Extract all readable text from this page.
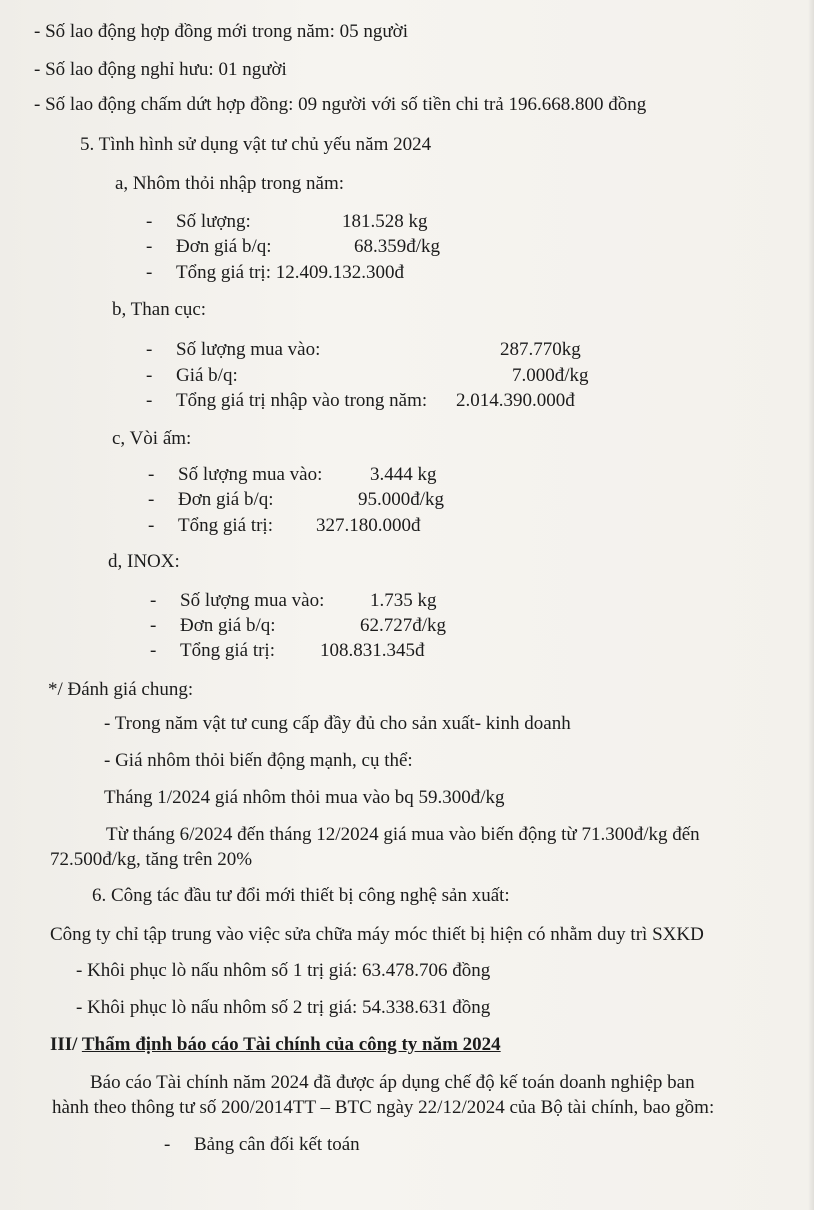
- Số lao động hợp đồng mới trong năm: 05 người
- Số lao động nghỉ hưu: 01 người
- Số lao động chấm dứt hợp đồng: 09 người với số tiền chi trả 196.668.800 đồng
5. Tình hình sử dụng vật tư chủ yếu năm 2024
a, Nhôm thỏi nhập trong năm:
- Số lượng:	181.528 kg
- Đơn giá b/q:	68.359đ/kg
- Tổng giá trị: 12.409.132.300đ
b, Than cục:
- Số lượng mua vào:	287.770kg
- Giá b/q:	7.000đ/kg
- Tổng giá trị nhập vào trong năm: 2.014.390.000đ
c, Vòi ấm:
- Số lượng mua vào:	3.444 kg
- Đơn giá b/q:	95.000đ/kg
- Tổng giá trị: 327.180.000đ
d, INOX:
- Số lượng mua vào: 1.735 kg
- Đơn giá b/q:	62.727đ/kg
- Tổng giá trị: 108.831.345đ
*/ Đánh giá chung:
- Trong năm vật tư cung cấp đầy đủ cho sản xuất- kinh doanh
- Giá nhôm thỏi biến động mạnh, cụ thể:
Tháng 1/2024 giá nhôm thỏi mua vào bq 59.300đ/kg
Từ tháng 6/2024 đến tháng 12/2024 giá mua vào biến động từ 71.300đ/kg đến
72.500đ/kg, tăng trên 20%
6. Công tác đầu tư đổi mới thiết bị công nghệ sản xuất:
Công ty chỉ tập trung vào việc sửa chữa máy móc thiết bị hiện có nhằm duy trì SXKD
- Khôi phục lò nấu nhôm số 1 trị giá: 63.478.706 đồng
- Khôi phục lò nấu nhôm số 2 trị giá: 54.338.631 đồng
III/ Thẩm định báo cáo Tài chính của công ty năm 2024
Báo cáo Tài chính năm 2024 đã được áp dụng chế độ kế toán doanh nghiệp ban
hành theo thông tư số 200/2014TT – BTC ngày 22/12/2024 của Bộ tài chính, bao gồm:
- Bảng cân đối kết toán
